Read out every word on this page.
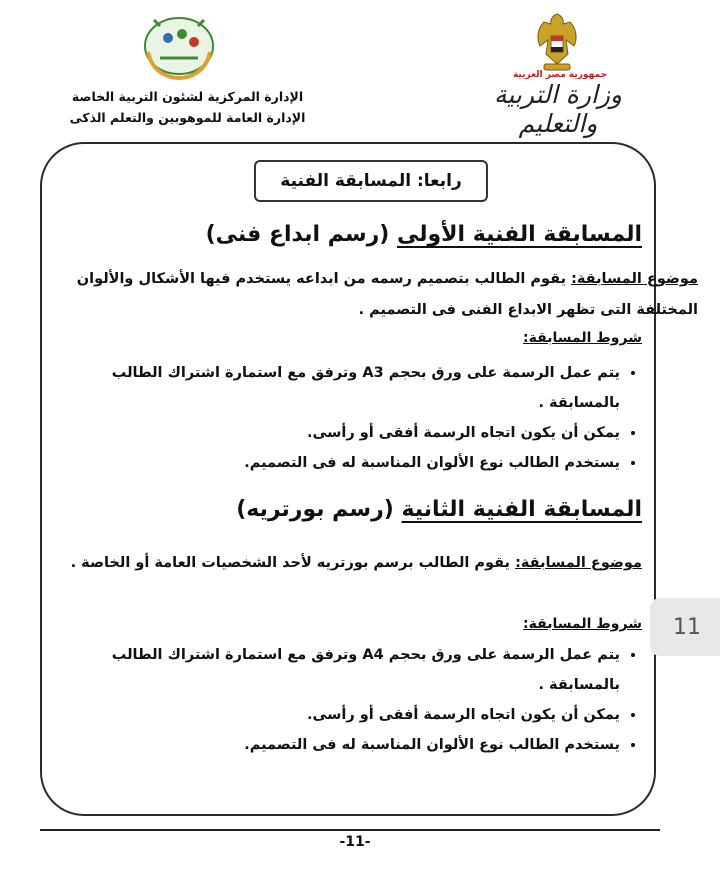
جمهورية مصر العربية
وزارة التربية والتعليم
الإدارة المركزية لشئون التربية الخاصة
الإدارة العامة للموهوبين والتعلم الذكى
رابعا: المسابقة الفنية
المسابقة الفنية الأولى (رسم ابداع فنى)
موضوع المسابقة: يقوم الطالب بتصميم رسمه من ابداعه يستخدم فيها الأشكال والألوان المختلفة التى تظهر الابداع الفنى فى التصميم .
شروط المسابقة:
• يتم عمل الرسمة على ورق بحجم A3 وترفق مع استمارة اشتراك الطالب بالمسابقة .
• يمكن أن يكون اتجاه الرسمة أفقى أو رأسى.
• يستخدم الطالب نوع الألوان المناسبة له فى التصميم.
المسابقة الفنية الثانية (رسم بورتريه)
موضوع المسابقة: يقوم الطالب برسم بورتريه لأحد الشخصيات العامة أو الخاصة .
شروط المسابقة:
• يتم عمل الرسمة على ورق بحجم A4 وترفق مع استمارة اشتراك الطالب بالمسابقة .
• يمكن أن يكون اتجاه الرسمة أفقى أو رأسى.
• يستخدم الطالب نوع الألوان المناسبة له فى التصميم.
11
-11-
